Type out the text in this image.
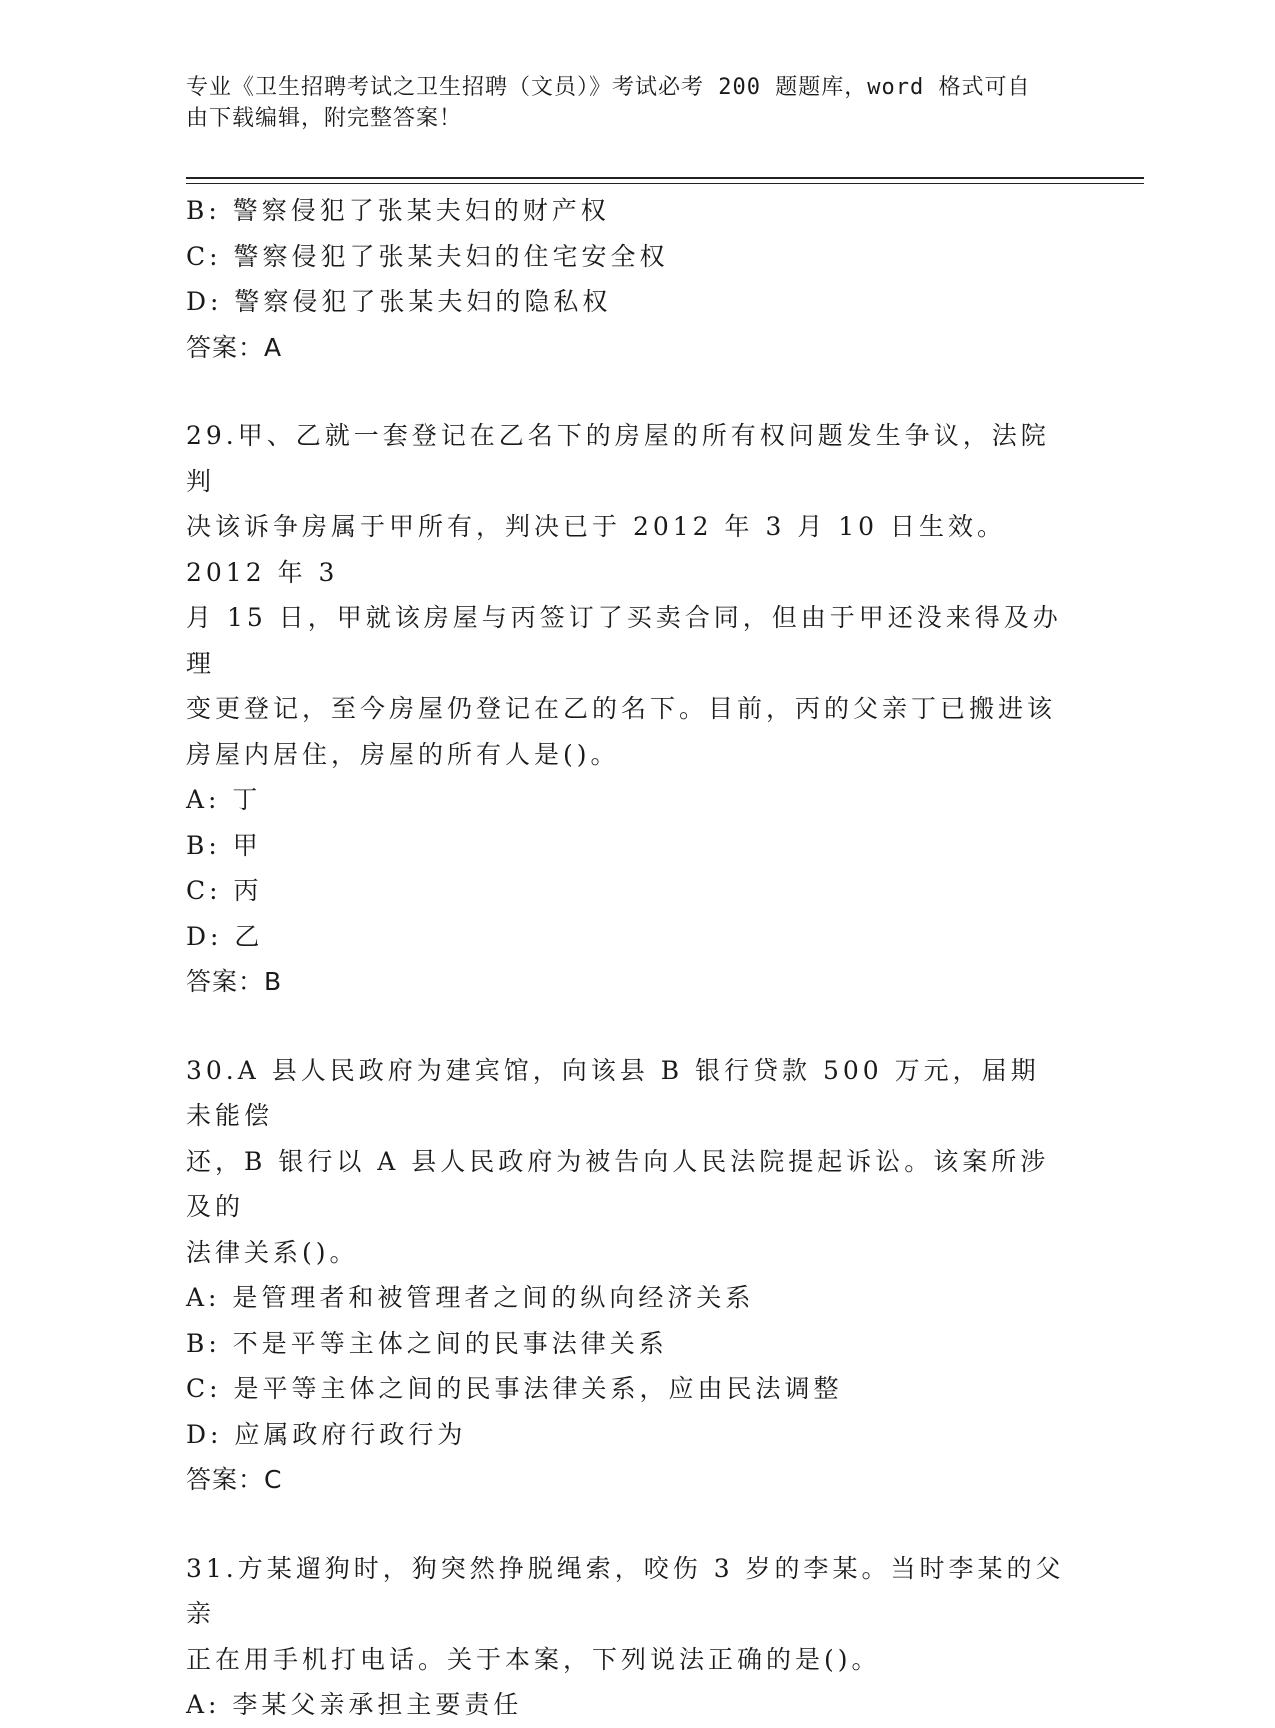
专业《卫生招聘考试之卫生招聘（文员）》考试必考 200 题题库，word 格式可自
由下载编辑，附完整答案！
B: 警察侵犯了张某夫妇的财产权
C: 警察侵犯了张某夫妇的住宅安全权
D: 警察侵犯了张某夫妇的隐私权
答案：A
29.甲、乙就一套登记在乙名下的房屋的所有权问题发生争议，法院判
决该诉争房属于甲所有，判决已于 2012 年 3 月 10 日生效。2012 年 3
月 15 日，甲就该房屋与丙签订了买卖合同，但由于甲还没来得及办理
变更登记，至今房屋仍登记在乙的名下。目前，丙的父亲丁已搬进该
房屋内居住，房屋的所有人是()。
A: 丁
B: 甲
C: 丙
D: 乙
答案：B
30.A 县人民政府为建宾馆，向该县 B 银行贷款 500 万元，届期未能偿
还，B 银行以 A 县人民政府为被告向人民法院提起诉讼。该案所涉及的
法律关系()。
A: 是管理者和被管理者之间的纵向经济关系
B: 不是平等主体之间的民事法律关系
C: 是平等主体之间的民事法律关系，应由民法调整
D: 应属政府行政行为
答案：C
31.方某遛狗时，狗突然挣脱绳索，咬伤 3 岁的李某。当时李某的父亲
正在用手机打电话。关于本案，下列说法正确的是()。
A: 李某父亲承担主要责任
